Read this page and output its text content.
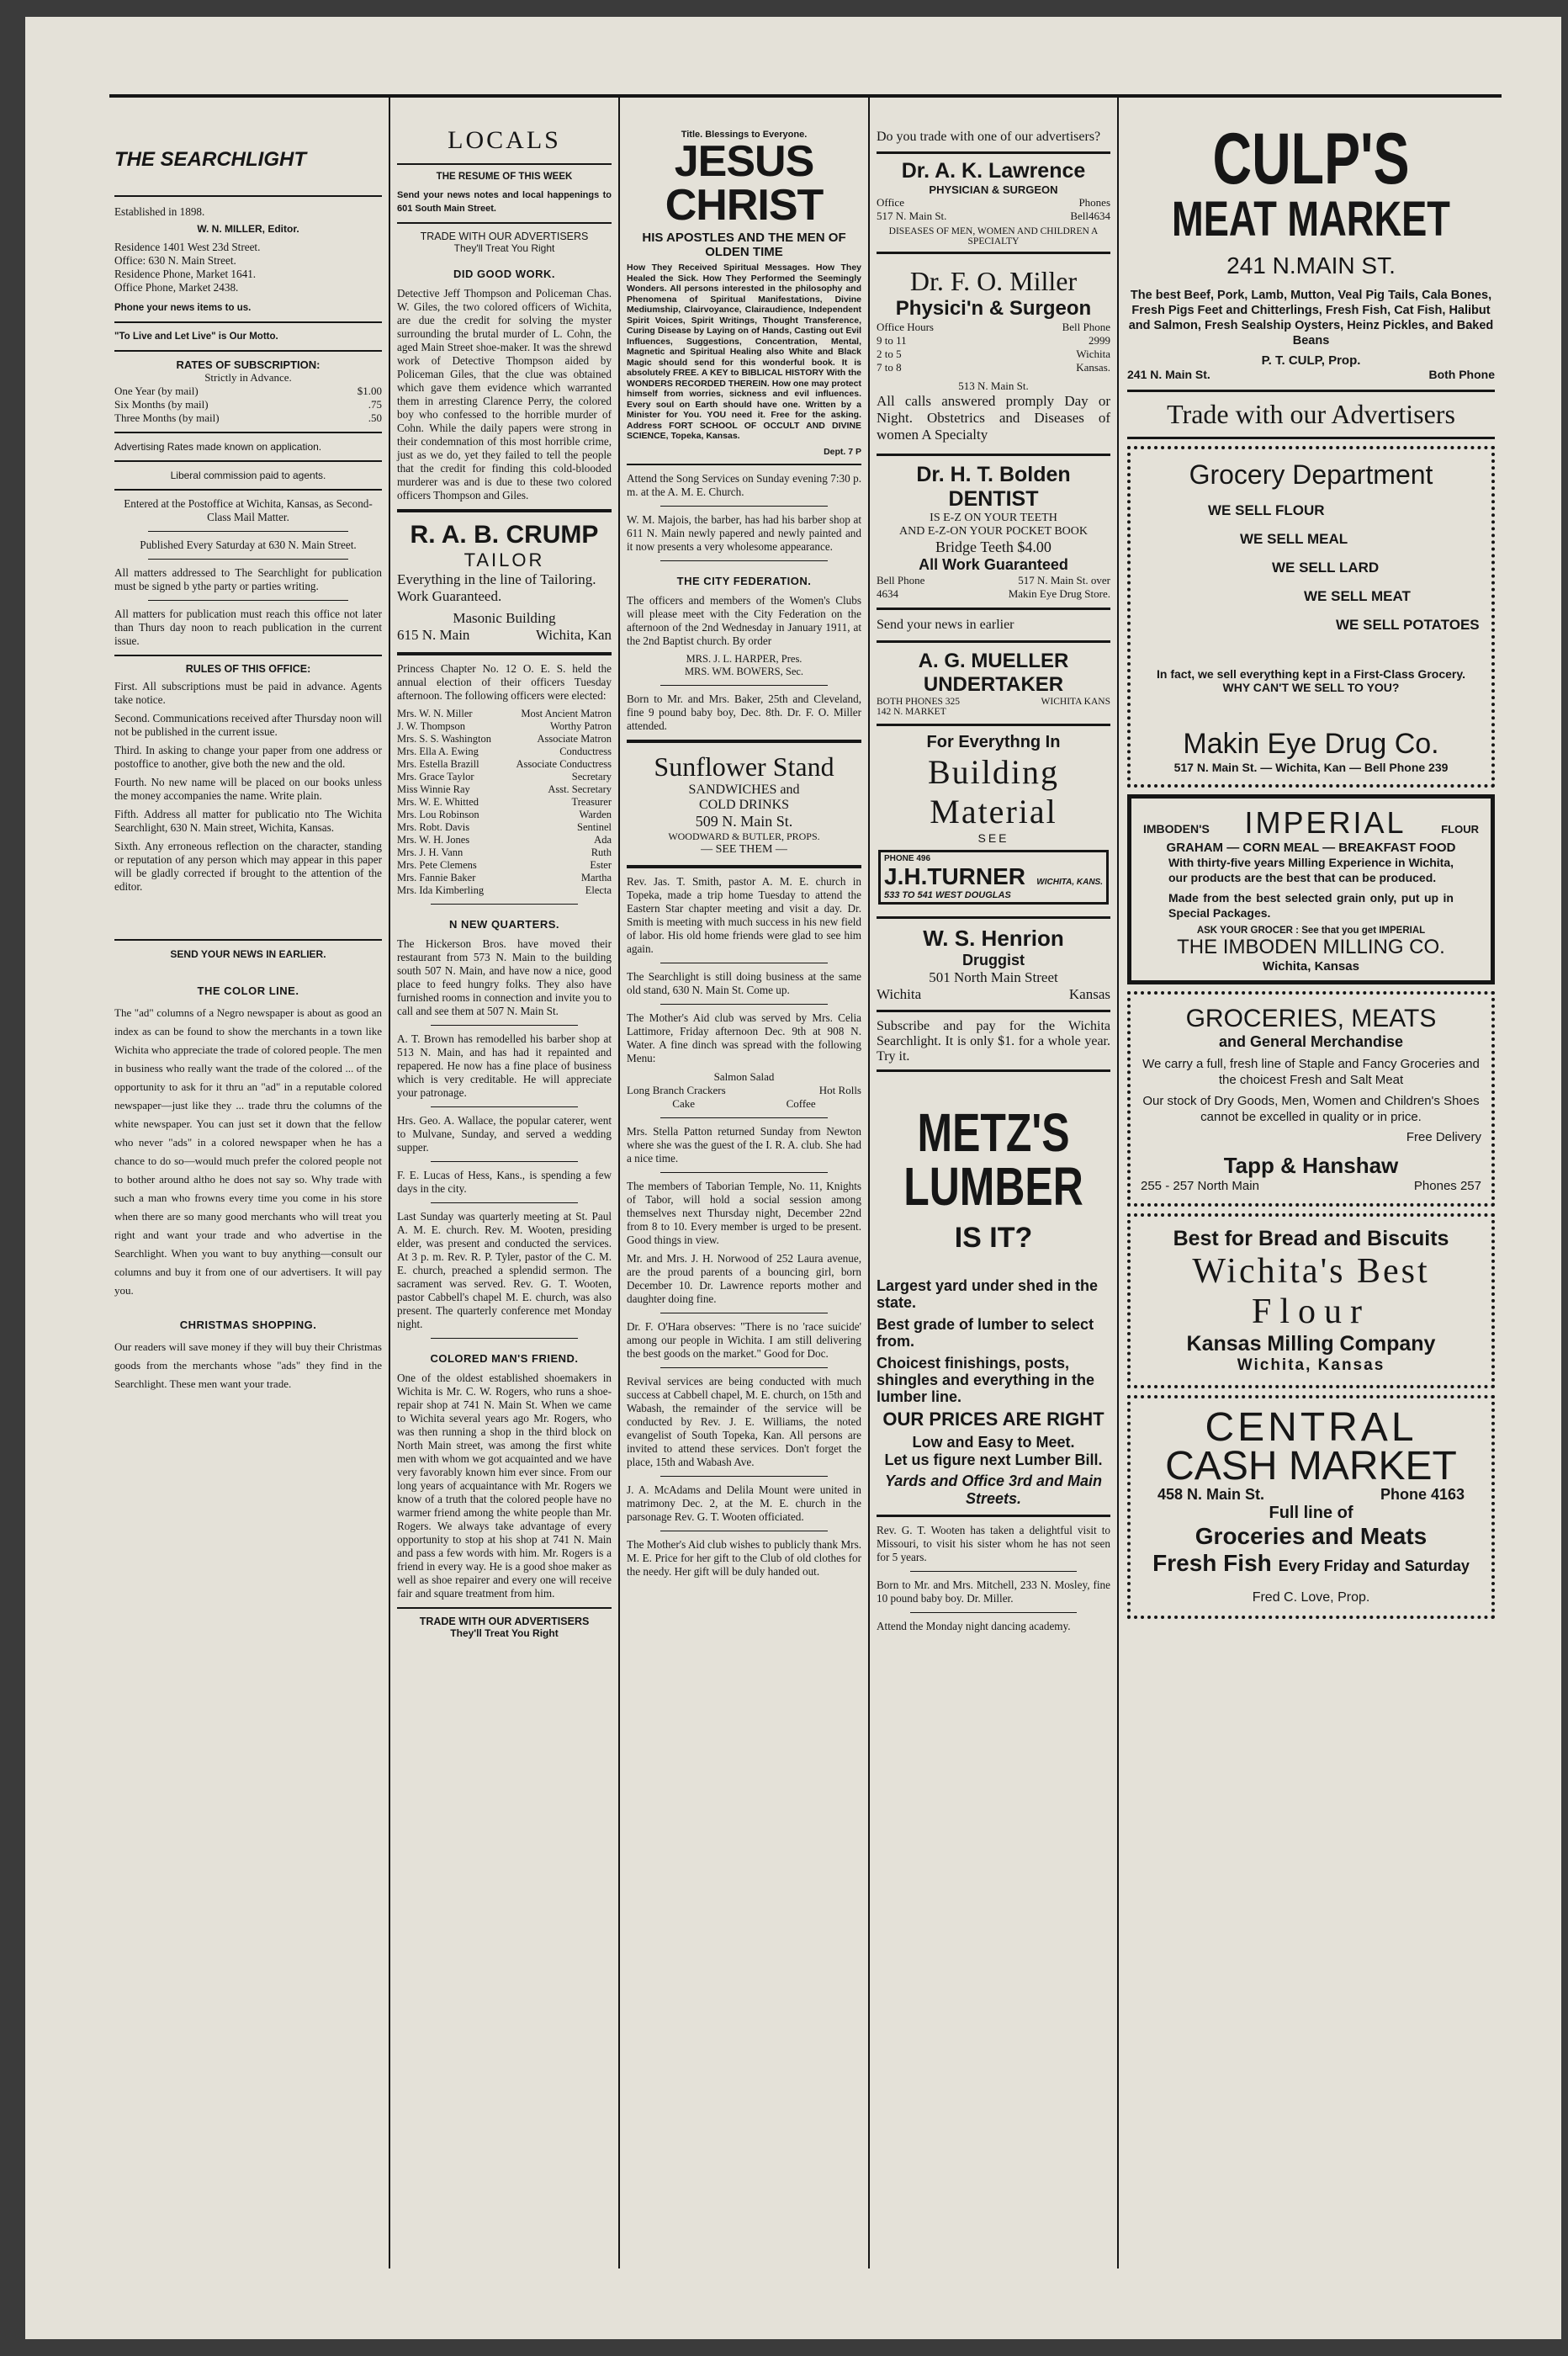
THE SEARCHLIGHT

Established in 1898.

W. N. MILLER, Editor.

Residence 1401 West 23d Street.

Office: 630 N. Main Street.

Residence Phone, Market 1641.

Office Phone, Market 2438.

Phone your news items to us.

"To Live and Let Live" is Our Motto.

RATES OF SUBSCRIPTION:
Strictly in Advance.
One Year (by mail)	$1.00
Six Months (by mail)	.75
Three Months (by mail)	.50

Advertising Rates made known on application.

Liberal commission paid to agents.

Entered at the Postoffice at Wichita, Kansas, as Second-Class Mail Matter.

Published Every Saturday at 630 N. Main Street.

All matters addressed to The Searchlight for publication must be signed b ythe party or parties writing.

All matters for publication must reach this office not later than Thurs day noon to reach publication in the current issue.

RULES OF THIS OFFICE:

First. All subscriptions must be paid in advance. Agents take notice.

Second. Communications received after Thursday noon will not be published in the current issue.

Third. In asking to change your paper from one address or postoffice to another, give both the new and the old.

Fourth. No new name will be placed on our books unless the money accompanies the name. Write plain.

Fifth. Address all matter for publicatio nto The Wichita Searchlight, 630 N. Main street, Wichita, Kansas.

Sixth. Any erroneous reflection on the character, standing or reputation of any person which may appear in this paper will be gladly corrected if brought to the attention of the editor.

SEND YOUR NEWS IN EARLIER.

THE COLOR LINE.

The "ad" columns of a Negro newspaper is about as good an index as can be found to show the merchants in a town like Wichita who appreciate the trade of colored people. The men in business who really want the trade of the colored ... of the opportunity to ask for it thru an "ad" in a reputable colored newspaper—just like they ... trade thru the columns of the white newspaper. You can just set it down that the fellow who never "ads" in a colored newspaper when he has a chance to do so—would much prefer the colored people not to bother around altho he does not say so. Why trade with such a man who frowns every time you come in his store when there are so many good merchants who will treat you right and want your trade and who advertise in the Searchlight. When you want to buy anything—consult our columns and buy it from one of our advertisers. It will pay you.

CHRISTMAS SHOPPING.

Our readers will save money if they will buy their Christmas goods from the merchants whose "ads" they find in the Searchlight. These men want your trade.

LOCALS
THE RESUME OF THIS WEEK

Send your news notes and local happenings to 601 South Main Street.

TRADE WITH OUR ADVERTISERS
They'll Treat You Right
DID GOOD WORK.

Detective Jeff Thompson and Policeman Chas. W. Giles, the two colored officers of Wichita, are due the credit for solving the myster surrounding the brutal murder of L. Cohn, the aged Main Street shoe-maker. It was the shrewd work of Detective Thompson aided by Policeman Giles, that the clue was obtained which gave them evidence which warranted them in arresting Clarence Perry, the colored boy who confessed to the horrible murder of Cohn. While the daily papers were strong in their condemnation of this most horrible crime, just as we do, yet they failed to tell the people that the credit for finding this cold-blooded murderer was and is due to these two colored officers Thompson and Giles.

R. A. B. CRUMP
TAILOR

Everything in the line of Tailoring. Work Guaranteed.

Masonic Building
615 N. Main	Wichita, Kan

Princess Chapter No. 12 O. E. S. held the annual election of their officers Tuesday afternoon. The following officers were elected:

Mrs. W. N. Miller	Most Ancient Matron
J. W. Thompson	Worthy Patron
Mrs. S. S. Washington	Associate Matron
Mrs. Ella A. Ewing	Conductress
Mrs. Estella Brazill	Associate Conductress
Mrs. Grace Taylor	Secretary
Miss Winnie Ray	Asst. Secretary
Mrs. W. E. Whitted	Treasurer
Mrs. Lou Robinson	Warden
Mrs. Robt. Davis	Sentinel
Mrs. W. H. Jones	Ada
Mrs. J. H. Vann	Ruth
Mrs. Pete Clemens	Ester
Mrs. Fannie Baker	Martha
Mrs. Ida Kimberling	Electa
N NEW QUARTERS.

The Hickerson Bros. have moved their restaurant from 573 N. Main to the building south 507 N. Main, and have now a nice, good place to feed hungry folks. They also have furnished rooms in connection and invite you to call and see them at 507 N. Main St.

A. T. Brown has remodelled his barber shop at 513 N. Main, and has had it repainted and repapered. He now has a fine place of business which is very creditable. He will appreciate your patronage.

Hrs. Geo. A. Wallace, the popular caterer, went to Mulvane, Sunday, and served a wedding supper.

F. E. Lucas of Hess, Kans., is spending a few days in the city.

Last Sunday was quarterly meeting at St. Paul A. M. E. church. Rev. M. Wooten, presiding elder, was present and conducted the services. At 3 p. m. Rev. R. P. Tyler, pastor of the C. M. E. church, preached a splendid sermon. The sacrament was served. Rev. G. T. Wooten, pastor Cabbell's chapel M. E. church, was also present. The quarterly conference met Monday night.

COLORED MAN'S FRIEND.

One of the oldest established shoemakers in Wichita is Mr. C. W. Rogers, who runs a shoe-repair shop at 741 N. Main St. When we came to Wichita several years ago Mr. Rogers, who was then running a shop in the third block on North Main street, was among the first white men with whom we got acquainted and we have very favorably known him ever since. From our long years of acquaintance with Mr. Rogers we know of a truth that the colored people have no warmer friend among the white people than Mr. Rogers. We always take advantage of every opportunity to stop at his shop at 741 N. Main and pass a few words with him. Mr. Rogers is a friend in every way. He is a good shoe maker as well as shoe repairer and every one will receive fair and square treatment from him.

TRADE WITH OUR ADVERTISERS
They'll Treat You Right
Title. Blessings to Everyone.
JESUS CHRIST
HIS APOSTLES AND THE MEN OF OLDEN TIME

How They Received Spiritual Messages. How They Healed the Sick. How They Performed the Seemingly Wonders. All persons interested in the philosophy and Phenomena of Spiritual Manifestations, Divine Mediumship, Clairvoyance, Clairaudience, Independent Spirit Voices, Spirit Writings, Thought Transference, Curing Disease by Laying on of Hands, Casting out Evil Influences, Suggestions, Concentration, Mental, Magnetic and Spiritual Healing also White and Black Magic should send for this wonderful book. It is absolutely FREE. A KEY to BIBLICAL HISTORY With the WONDERS RECORDED THEREIN. How one may protect himself from worries, sickness and evil influences. Every soul on Earth should have one. Written by a Minister for You. YOU need it. Free for the asking. Address FORT SCHOOL OF OCCULT AND DIVINE SCIENCE, Topeka, Kansas.

Dept. 7 P

Attend the Song Services on Sunday evening 7:30 p. m. at the A. M. E. Church.

W. M. Majois, the barber, has had his barber shop at 611 N. Main newly papered and newly painted and it now presents a very wholesome appearance.

THE CITY FEDERATION.

The officers and members of the Women's Clubs will please meet with the City Federation on the afternoon of the 2nd Wednesday in January 1911, at the 2nd Baptist church. By order

MRS. J. L. HARPER, Pres.
MRS. WM. BOWERS, Sec.

Born to Mr. and Mrs. Baker, 25th and Cleveland, fine 9 pound baby boy, Dec. 8th. Dr. F. O. Miller attended.

Sunflower Stand
SANDWICHES and
COLD DRINKS
509 N. Main St.
WOODWARD & BUTLER, PROPS.
— SEE THEM —

Rev. Jas. T. Smith, pastor A. M. E. church in Topeka, made a trip home Tuesday to attend the Eastern Star chapter meeting and visit a day. Dr. Smith is meeting with much success in his new field of labor. His old home friends were glad to see him again.

The Searchlight is still doing business at the same old stand, 630 N. Main St. Come up.

The Mother's Aid club was served by Mrs. Celia Lattimore, Friday afternoon Dec. 9th at 908 N. Water. A fine dinch was spread with the following Menu:

Salmon Salad
Long Branch Crackers	Hot Rolls
Cake	Coffee

Mrs. Stella Patton returned Sunday from Newton where she was the guest of the I. R. A. club. She had a nice time.

The members of Taborian Temple, No. 11, Knights of Tabor, will hold a social session among themselves next Thursday night, December 22nd from 8 to 10. Every member is urged to be present. Good things in view.

Mr. and Mrs. J. H. Norwood of 252 Laura avenue, are the proud parents of a bouncing girl, born December 10. Dr. Lawrence reports mother and daughter doing fine.

Dr. F. O'Hara observes: "There is no 'race suicide' among our people in Wichita. I am still delivering the best goods on the market." Good for Doc.

Revival services are being conducted with much success at Cabbell chapel, M. E. church, on 15th and Wabash, the remainder of the service will be conducted by Rev. J. E. Williams, the noted evangelist of South Topeka, Kan. All persons are invited to attend these services. Don't forget the place, 15th and Wabash Ave.

J. A. McAdams and Delila Mount were united in matrimony Dec. 2, at the M. E. church in the parsonage Rev. G. T. Wooten officiated.

The Mother's Aid club wishes to publicly thank Mrs. M. E. Price for her gift to the Club of old clothes for the needy. Her gift will be duly handed out.

Do you trade with one of our advertisers?

Dr. A. K. Lawrence
PHYSICIAN & SURGEON
Office	Phones
517 N. Main St.	Bell4634
DISEASES OF MEN, WOMEN AND CHILDREN A SPECIALTY
Dr. F. O. Miller
Physici'n & Surgeon
Office Hours	Bell Phone
9 to 11	2999
2 to 5	Wichita
7 to 8	Kansas.
513 N. Main St.

All calls answered promply Day or Night. Obstetrics and Diseases of women A Specialty

Dr. H. T. Bolden
DENTIST
IS E-Z ON YOUR TEETH
AND E-Z-ON YOUR POCKET BOOK
Bridge Teeth $4.00
All Work Guaranteed
Bell Phone	517 N. Main St. over
4634	Makin Eye Drug Store.

Send your news in earlier

A. G. MUELLER
UNDERTAKER
BOTH PHONES 325	WICHITA KANS
142 N. MARKET
For Everythng In
Building
Material
SEE
PHONE 496
J.H.TURNER WICHITA, KANS.
533 TO 541 WEST DOUGLAS
W. S. Henrion
Druggist
501 North Main Street
Wichita	Kansas

Subscribe and pay for the Wichita Searchlight. It is only $1. for a whole year. Try it.

METZ'S
LUMBER
IS IT?

Largest yard under shed in the state.

Best grade of lumber to select from.

Choicest finishings, posts, shingles and everything in the lumber line.

OUR PRICES ARE RIGHT
Low and Easy to Meet.
Let us figure next Lumber Bill.
Yards and Office 3rd and Main Streets.

Rev. G. T. Wooten has taken a delightful visit to Missouri, to visit his sister whom he has not seen for 5 years.

Born to Mr. and Mrs. Mitchell, 233 N. Mosley, fine 10 pound baby boy. Dr. Miller.

Attend the Monday night dancing academy.

CULP'S
MEAT MARKET
241 N.MAIN ST.

The best Beef, Pork, Lamb, Mutton, Veal Pig Tails, Cala Bones, Fresh Pigs Feet and Chitterlings, Fresh Fish, Cat Fish, Halibut and Salmon, Fresh Sealship Oysters, Heinz Pickles, and Baked Beans

P. T. CULP, Prop.
241 N. Main St.	Both Phone
Trade with our Advertisers
Grocery Department
WE SELL FLOUR
WE SELL MEAL
WE SELL LARD
WE SELL MEAT
WE SELL POTATOES
In fact, we sell everything kept in a First-Class Grocery.
WHY CAN'T WE SELL TO YOU?
Makin Eye Drug Co.
517 N. Main St. — Wichita, Kan — Bell Phone 239
IMBODEN'S IMPERIAL	FLOUR
GRAHAM — CORN MEAL — BREAKFAST FOOD

With thirty-five years Milling Experience in Wichita, our products are the best that can be produced.

Made from the best selected grain only, put up in Special Packages.

ASK YOUR GROCER : See that you get IMPERIAL
THE IMBODEN MILLING CO.
Wichita, Kansas
GROCERIES, MEATS
and General Merchandise

We carry a full, fresh line of Staple and Fancy Groceries and the choicest Fresh and Salt Meat

Our stock of Dry Goods, Men, Women and Children's Shoes cannot be excelled in quality or in price.

Free Delivery
Tapp & Hanshaw
255 - 257 North Main	Phones 257
Best for Bread and Biscuits
Wichita's Best
Flour
Kansas Milling Company
Wichita, Kansas
CENTRAL
CASH MARKET
458 N. Main St.	Phone 4163
Full line of
Groceries and Meats
Fresh Fish Every Friday and Saturday
Fred C. Love, Prop.
